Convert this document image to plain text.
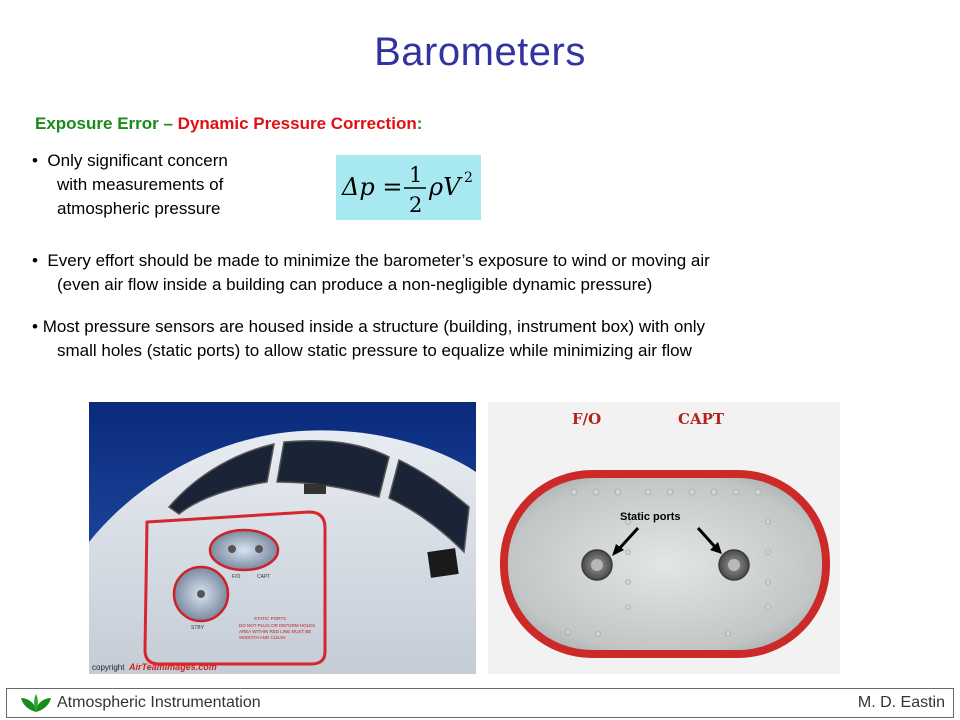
Barometers
Exposure Error – Dynamic Pressure Correction:
•  Only significant concern
with measurements of
atmospheric pressure
Δp = 1
2
ρV 2
•  Every effort should be made to minimize the barometer’s exposure to wind or moving air
(even air flow inside a building can produce a non-negligible dynamic pressure)
• Most pressure sensors are housed inside a structure (building, instrument box) with only
small holes (static ports) to allow static pressure to equalize while minimizing air flow
F/O	CAPT
STBY
STATIC PORTS
DO NOT PLUG OR DEFORM HOLES
AREA WITHIN RED LINE MUST BE
SMOOTH AND CLEAN
copyright AirTeamImages.com
F/O	CAPT
Static ports
Atmospheric Instrumentation	M. D. Eastin
